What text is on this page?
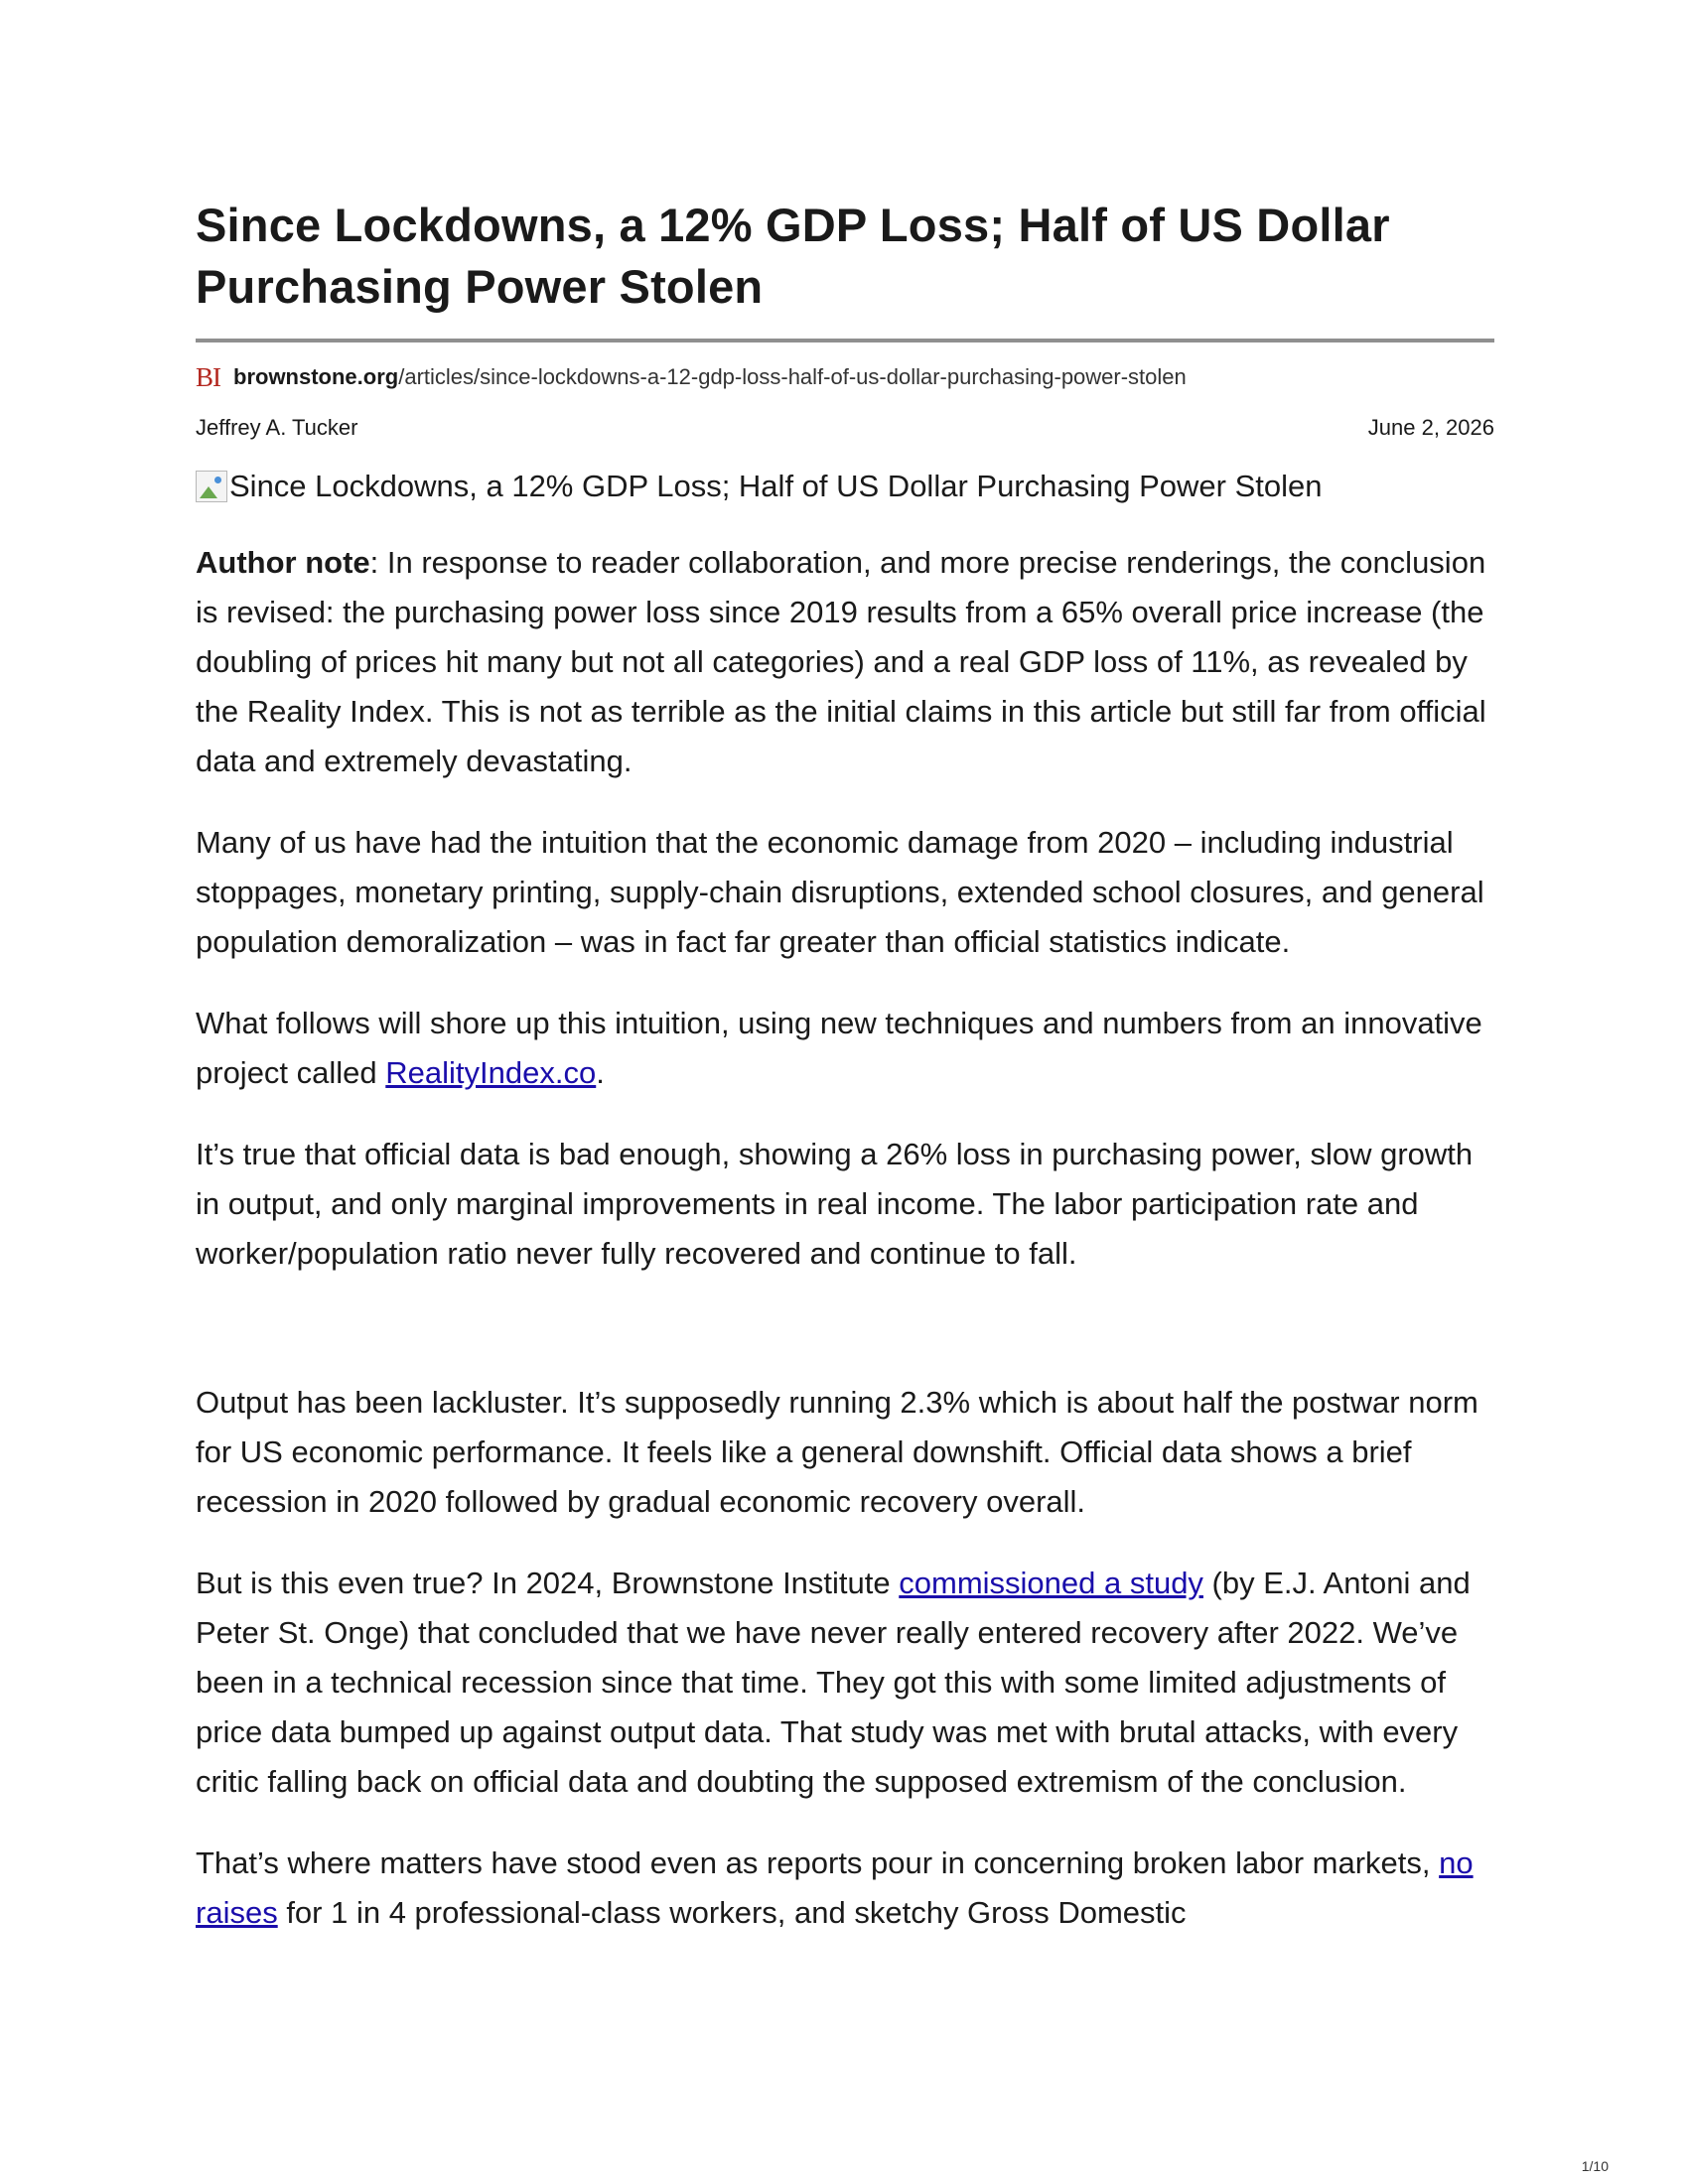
Since Lockdowns, a 12% GDP Loss; Half of US Dollar Purchasing Power Stolen
BI brownstone.org /articles/since-lockdowns-a-12-gdp-loss-half-of-us-dollar-purchasing-power-stolen
Jeffrey A. Tucker	June 2, 2026
Since Lockdowns, a 12% GDP Loss; Half of US Dollar Purchasing Power Stolen

Author note: In response to reader collaboration, and more precise renderings, the conclusion is revised: the purchasing power loss since 2019 results from a 65% overall price increase (the doubling of prices hit many but not all categories) and a real GDP loss of 11%, as revealed by the Reality Index. This is not as terrible as the initial claims in this article but still far from official data and extremely devastating.

Many of us have had the intuition that the economic damage from 2020 – including industrial stoppages, monetary printing, supply-chain disruptions, extended school closures, and general population demoralization – was in fact far greater than official statistics indicate.

What follows will shore up this intuition, using new techniques and numbers from an innovative project called RealityIndex.co.

It’s true that official data is bad enough, showing a 26% loss in purchasing power, slow growth in output, and only marginal improvements in real income. The labor participation rate and worker/population ratio never fully recovered and continue to fall.

Output has been lackluster. It’s supposedly running 2.3% which is about half the postwar norm for US economic performance. It feels like a general downshift. Official data shows a brief recession in 2020 followed by gradual economic recovery overall.

But is this even true? In 2024, Brownstone Institute commissioned a study (by E.J. Antoni and Peter St. Onge) that concluded that we have never really entered recovery after 2022. We’ve been in a technical recession since that time. They got this with some limited adjustments of price data bumped up against output data. That study was met with brutal attacks, with every critic falling back on official data and doubting the supposed extremism of the conclusion.

That’s where matters have stood even as reports pour in concerning broken labor markets, no raises for 1 in 4 professional-class workers, and sketchy Gross Domestic

1/10
